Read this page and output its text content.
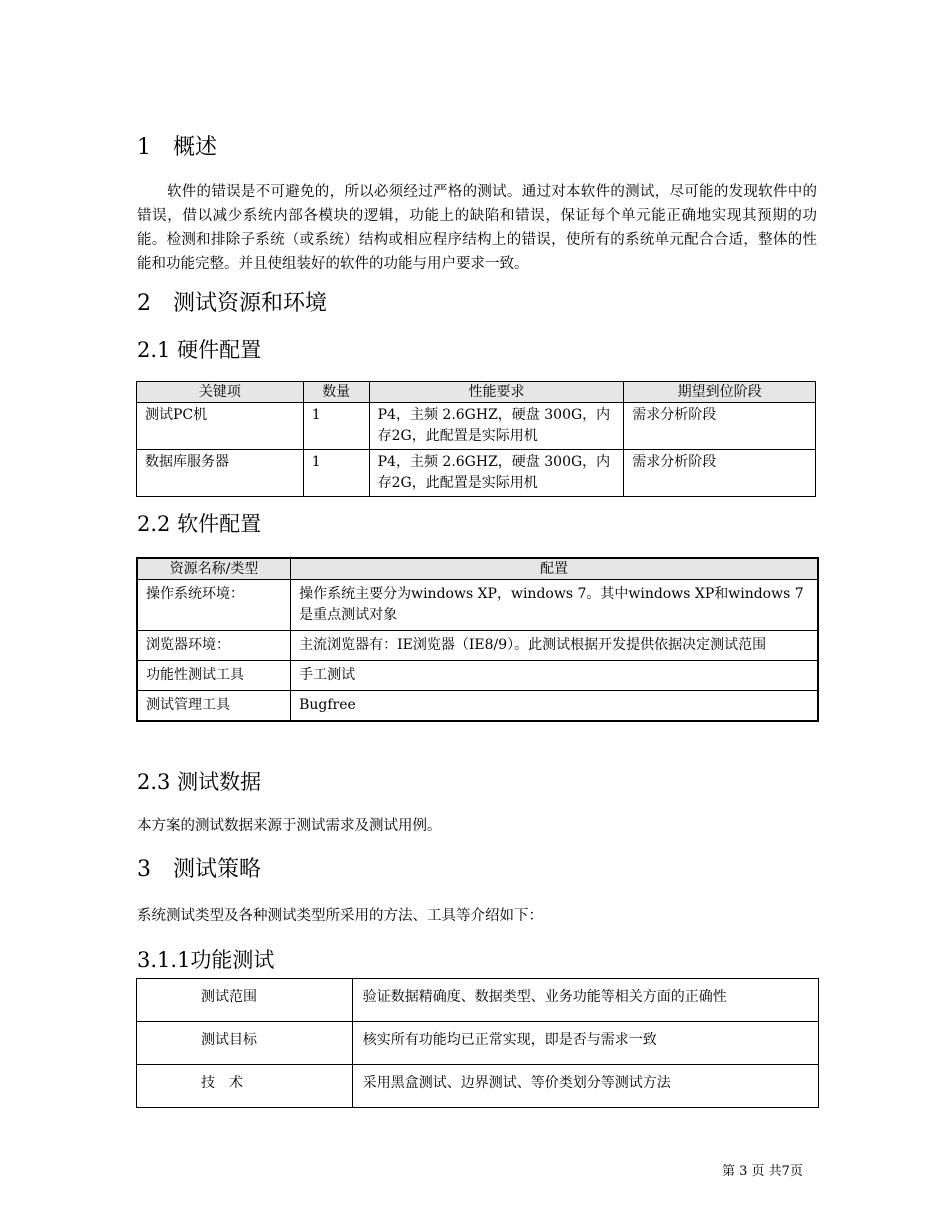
1 概述

软件的错误是不可避免的，所以必须经过严格的测试。通过对本软件的测试，尽可能的发现软件中的错误，借以减少系统内部各模块的逻辑，功能上的缺陷和错误，保证每个单元能正确地实现其预期的功能。检测和排除子系统（或系统）结构或相应程序结构上的错误，使所有的系统单元配合合适，整体的性能和功能完整。并且使组装好的软件的功能与用户要求一致。

2 测试资源和环境
2.1 硬件配置
关键项	数量	性能要求	期望到位阶段
测试PC机	1	P4，主频 2.6GHZ，硬盘 300G，内存2G，此配置是实际用机	需求分析阶段
数据库服务器	1	P4，主频 2.6GHZ，硬盘 300G，内存2G，此配置是实际用机	需求分析阶段
2.2 软件配置
资源名称/类型	配置
操作系统环境：	操作系统主要分为windows XP，windows 7。其中windows XP和windows 7是重点测试对象
浏览器环境：	主流浏览器有：IE浏览器（IE8/9）。此测试根据开发提供依据决定测试范围
功能性测试工具	手工测试
测试管理工具	Bugfree
2.3 测试数据

本方案的测试数据来源于测试需求及测试用例。

3 测试策略

系统测试类型及各种测试类型所采用的方法、工具等介绍如下：

3.1.1功能测试
测试范围	验证数据精确度、数据类型、业务功能等相关方面的正确性
测试目标	核实所有功能均已正常实现，即是否与需求一致
技　术	采用黑盒测试、边界测试、等价类划分等测试方法
第 3 页 共7页
